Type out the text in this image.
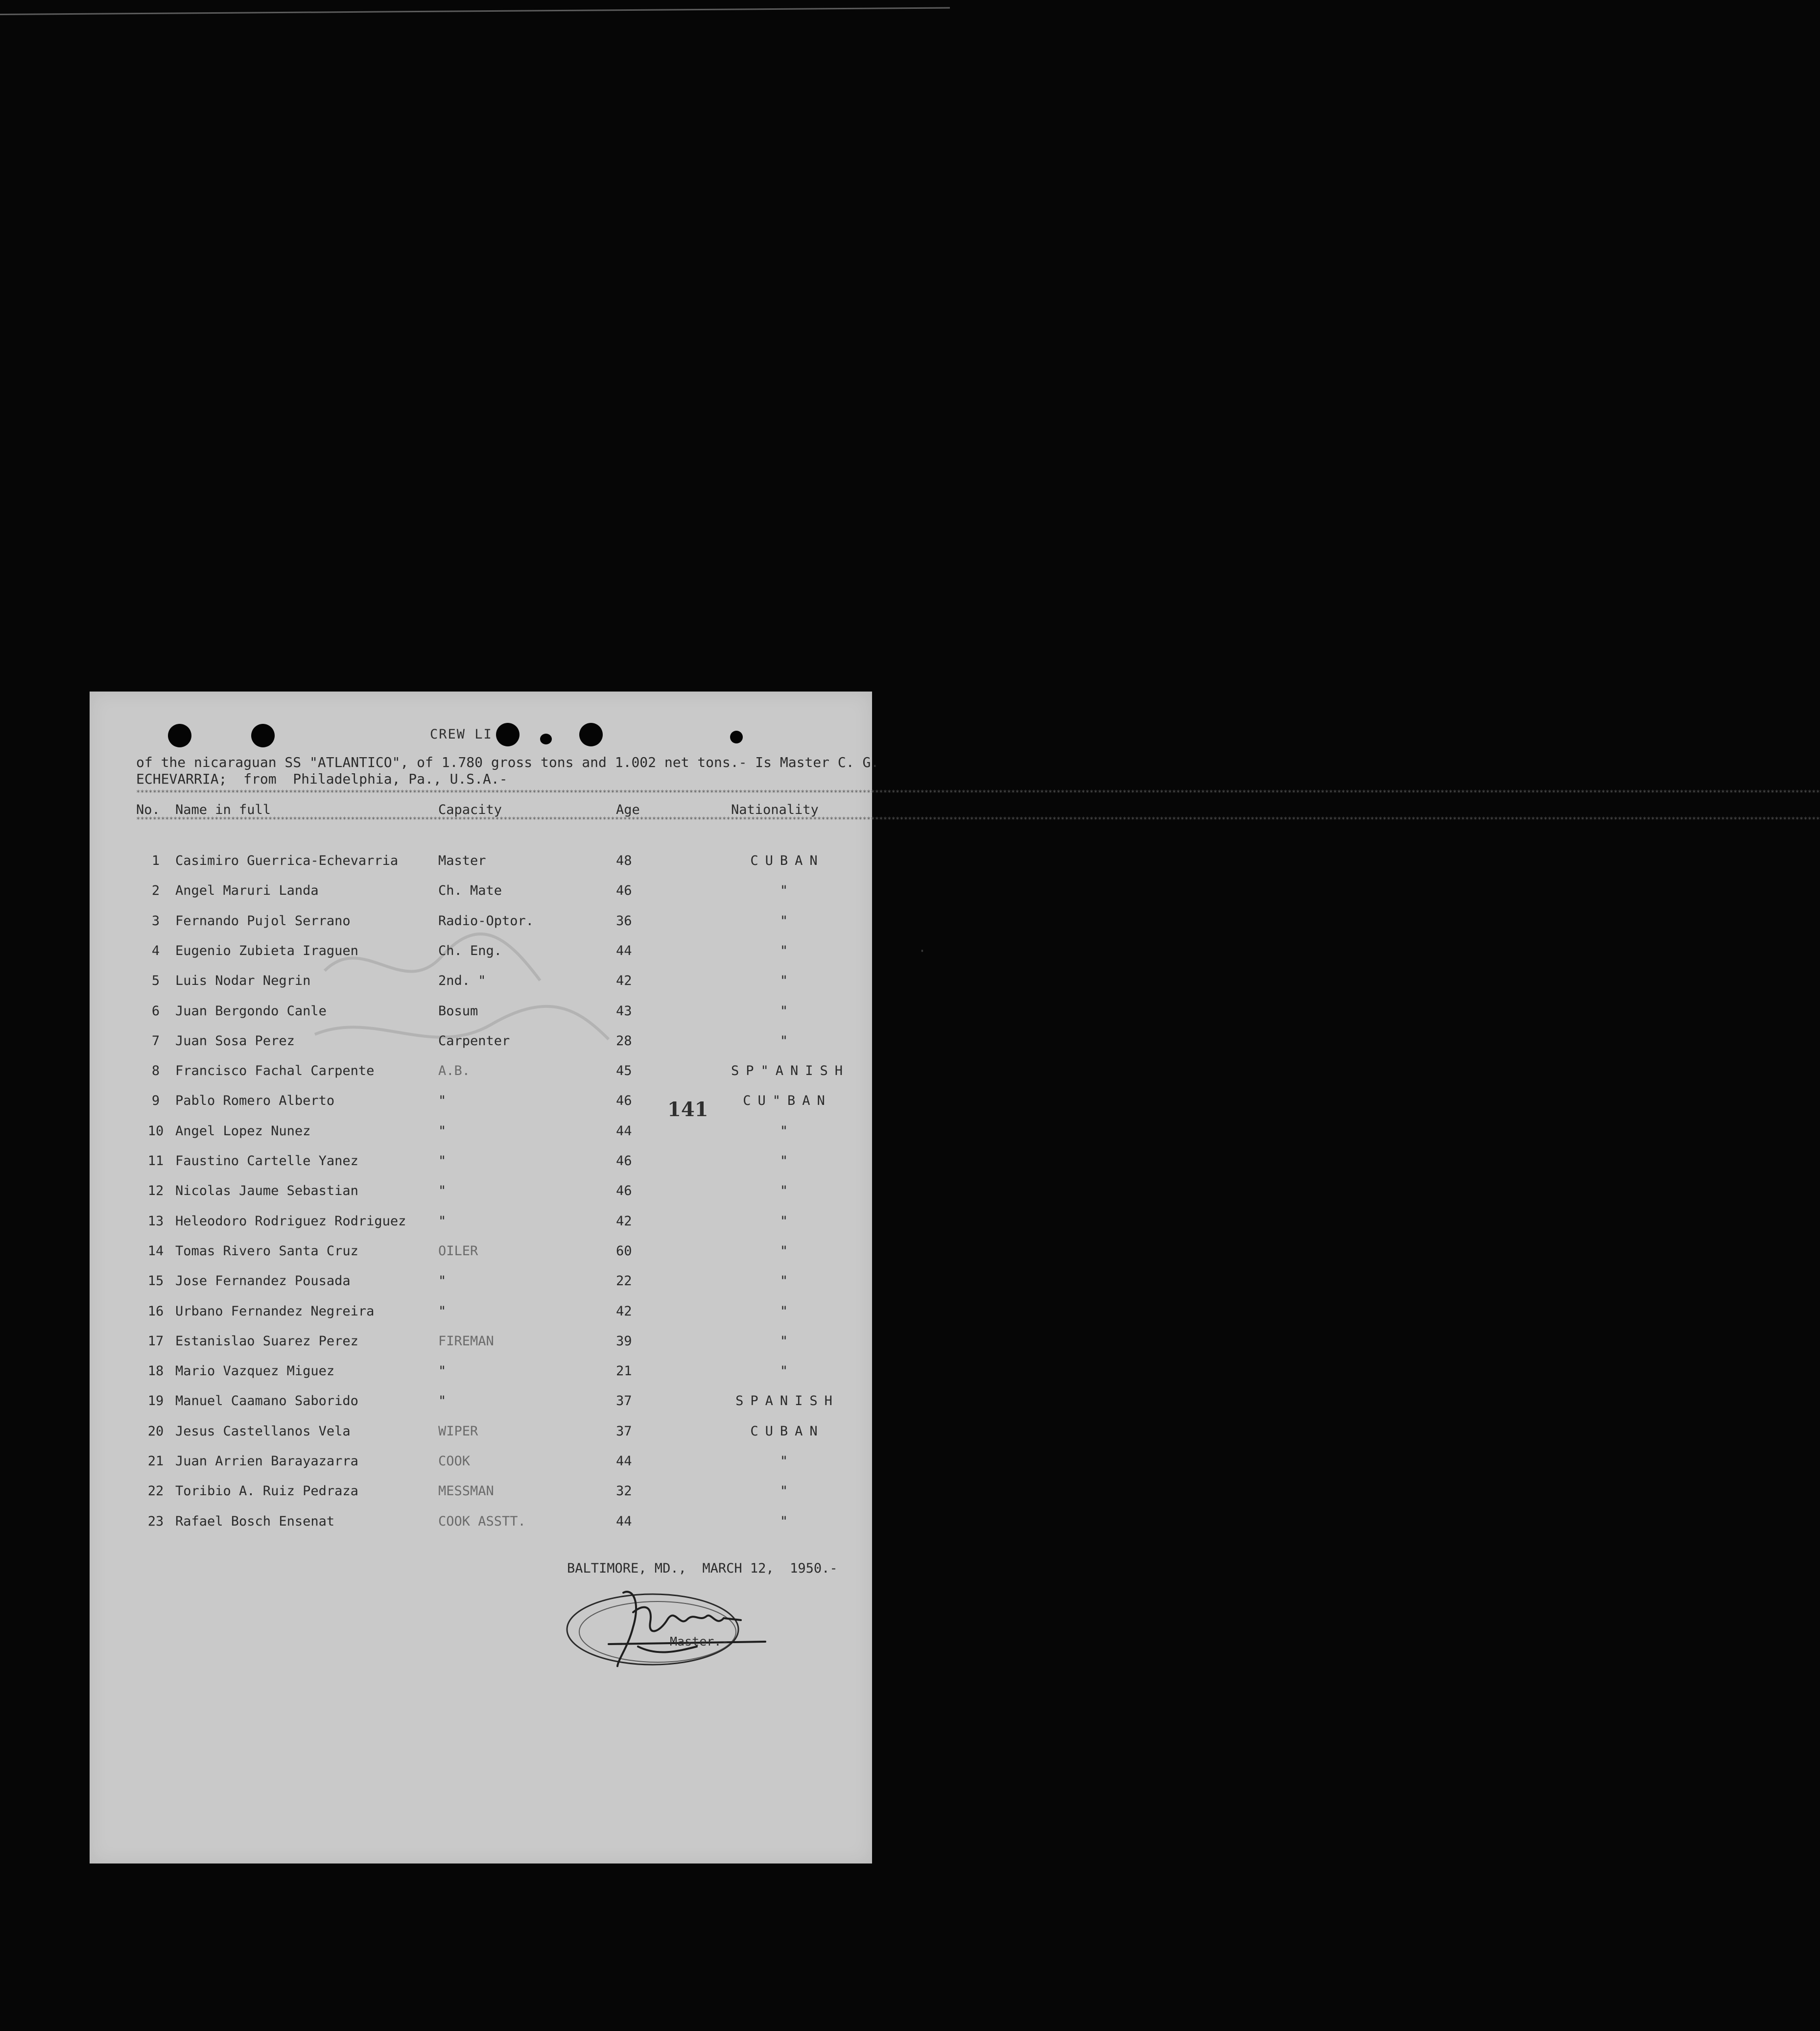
·
CREW LI
of the nicaraguan SS "ATLANTICO", of 1.780 gross tons and 1.002 net tons.- Is Master C. G.
ECHEVARRIA;  from  Philadelphia, Pa., U.S.A.-
************************************************************************************************************************************************************************************************************************************************************************************************************************************************************************************************************************
************************************************************************************************************************************************************************************************************************************************************************************************************************************************************************************************************************
No. Name in full	Capacity	Age	Nationality
1	Casimiro Guerrica-Echevarria	Master	48	CUBAN
2	Angel Maruri Landa	Ch. Mate	46	"
3	Fernando Pujol Serrano	Radio-Optor.	36	"
4	Eugenio Zubieta Iraguen	Ch. Eng.	44	"
5	Luis Nodar Negrin	2nd. "	42	"
6	Juan Bergondo Canle	Bosum	43	"
7	Juan Sosa Perez	Carpenter	28	"
8	Francisco Fachal Carpente	A.B.	45	SP"ANISH
9	Pablo Romero Alberto	"	46	CU"BAN
10 Angel Lopez Nunez	"	44	"
11 Faustino Cartelle Yanez	"	46	"
12 Nicolas Jaume Sebastian	"	46	"
13 Heleodoro Rodriguez Rodriguez "	42	"
14 Tomas Rivero Santa Cruz	OILER	60	"
15 Jose Fernandez Pousada	"	22	"
16 Urbano Fernandez Negreira	"	42	"
17 Estanislao Suarez Perez	FIREMAN	39	"
18 Mario Vazquez Miguez	"	21	"
19 Manuel Caamano Saborido	"	37	SPANISH
20 Jesus Castellanos Vela	WIPER	37	CUBAN
21 Juan Arrien Barayazarra	COOK	44	"
22 Toribio A. Ruiz Pedraza	MESSMAN	32	"
23 Rafael Bosch Ensenat	COOK ASSTT.	44	"
141
BALTIMORE, MD.,  MARCH 12,  1950.-
Master.-
